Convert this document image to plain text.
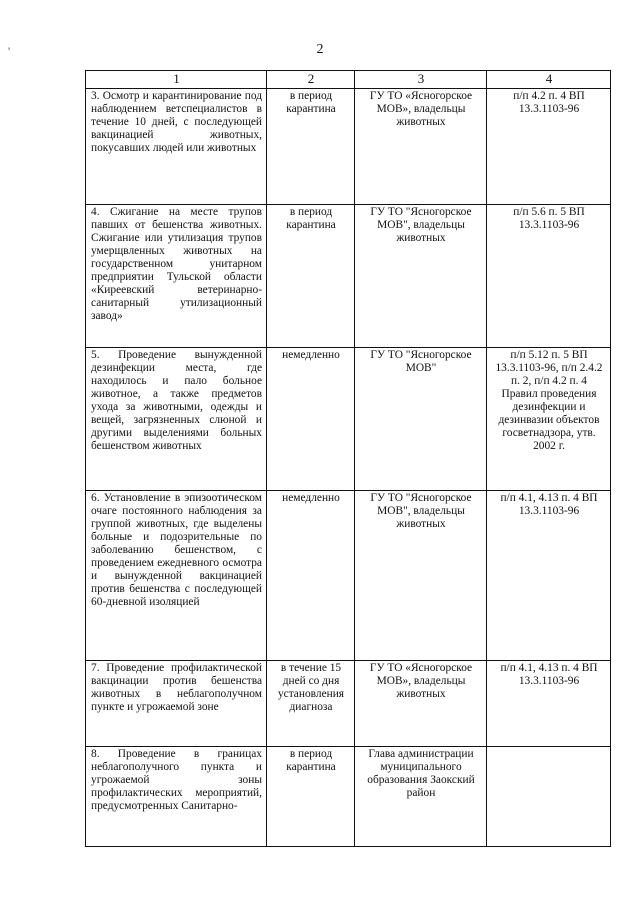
2
'
1	2	3	4
3. Осмотр и карантинирование под наблюдением ветспециалистов в течение 10 дней, с последующей вакцинацией животных, покусавших людей или животных	в период карантина	ГУ ТО «Ясногорское МОВ», владельцы животных	п/п 4.2 п. 4 ВП 13.3.1103-96
4. Сжигание на месте трупов павших от бешенства животных. Сжигание или утилизация трупов умерщвленных животных на государственном унитарном предприятии Тульской области «Киреевский ветеринарно-санитарный утилизационный завод»	в период карантина	ГУ ТО "Ясногорское МОВ", владельцы животных	п/п 5.6 п. 5 ВП 13.3.1103-96
5. Проведение вынужденной дезинфекции места, где находилось и пало больное животное, а также предметов ухода за животными, одежды и вещей, загрязненных слюной и другими выделениями больных бешенством животных	немедленно	ГУ ТО "Ясногорское МОВ"	п/п 5.12 п. 5 ВП 13.3.1103-96, п/п 2.4.2 п. 2, п/п 4.2 п. 4 Правил проведения дезинфекции и дезинвазии объектов госветнадзора, утв. 2002 г.
6. Установление в эпизоотическом очаге постоянного наблюдения за группой животных, где выделены больные и подозрительные по заболеванию бешенством, с проведением ежедневного осмотра и вынужденной вакцинацией против бешенства с последующей 60-дневной изоляцией	немедленно	ГУ ТО "Ясногорское МОВ", владельцы животных	п/п 4.1, 4.13 п. 4 ВП 13.3.1103-96
7. Проведение профилактической вакцинации против бешенства животных в неблагополучном пункте и угрожаемой зоне	в течение 15 дней со дня установления диагноза	ГУ ТО «Ясногорское МОВ», владельцы животных	п/п 4.1, 4.13 п. 4 ВП 13.3.1103-96
8. Проведение в границах неблагополучного пункта и угрожаемой зоны профилактических мероприятий, предусмотренных Санитарно-	в период карантина	Глава администрации муниципального образования Заокский район	
